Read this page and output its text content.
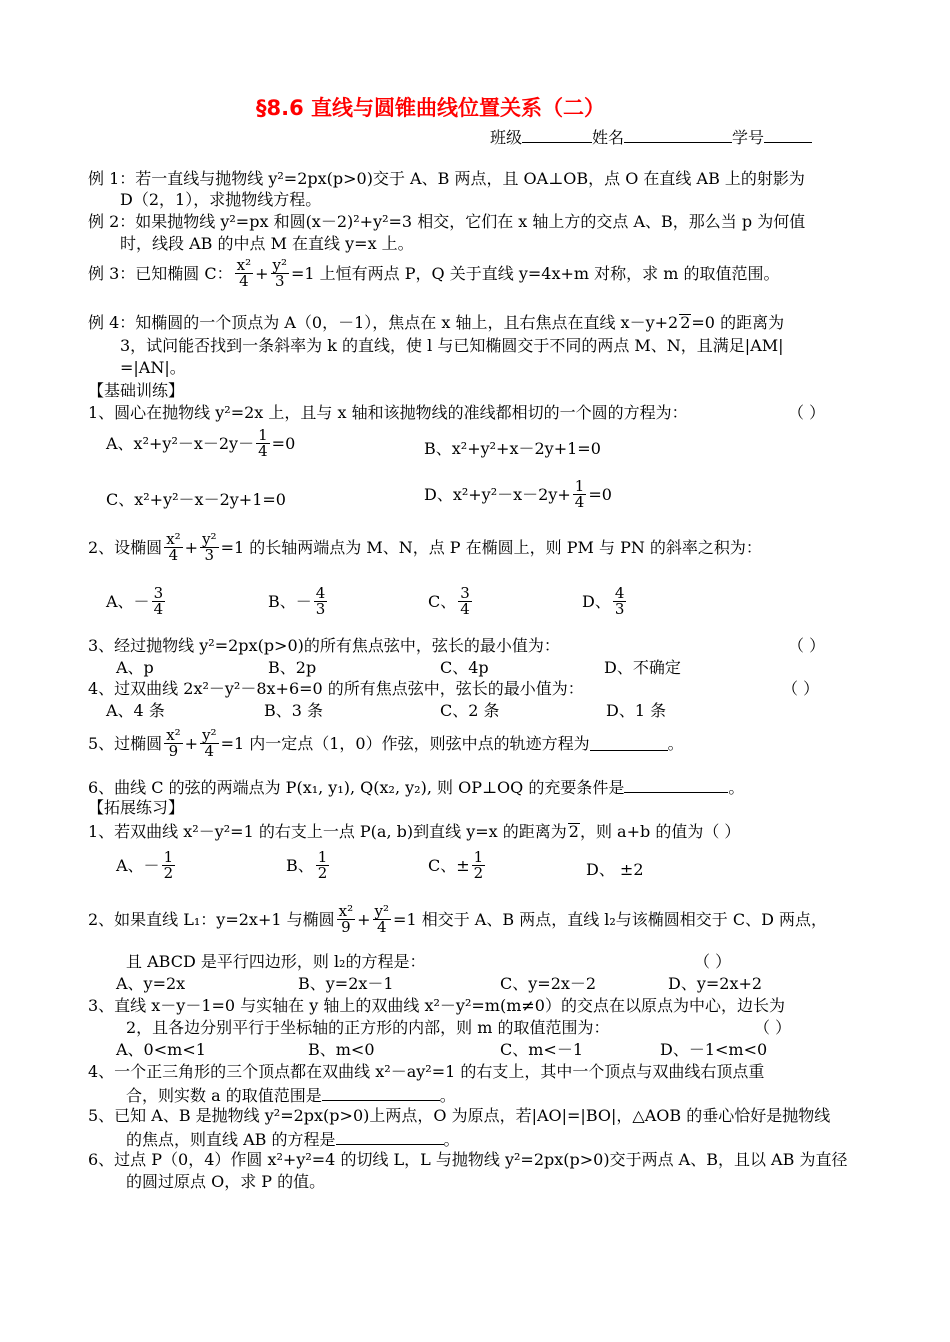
§8.6 直线与圆锥曲线位置关系（二）
班级	姓名	学号
例 1：若一直线与抛物线 y²=2px(p>0)交于 A、B 两点，且 OA⊥OB，点 O 在直线 AB 上的射影为
D（2，1），求抛物线方程。
例 2：如果抛物线 y²=px 和圆(x－2)²+y²=3 相交，它们在 x 轴上方的交点 A、B，那么当 p 为何值
时，线段 AB 的中点 M 在直线 y=x 上。
例 3：已知椭圆 C： $\frac{\text{x²}}{4} + \frac{\text{y²}}{3} =1$ 上恒有两点 P，Q 关于直线 y=4x+m 对称，求 m 的取值范围。
例 4：知椭圆的一个顶点为 A（0，－1），焦点在 x 轴上，且右焦点在直线 x－y+2 2=0 的距离为
3，试问能否找到一条斜率为 k 的直线，使 l 与已知椭圆交于不同的两点 M、N，且满足|AM|
=|AN|。
【基础训练】
1、圆心在抛物线 y²=2x 上，且与 x 轴和该抛物线的准线都相切的一个圆的方程为：	（ ）
A、$x^2+y^2-x-2y- \frac{1}{4} =0$	B、x²+y²+x－2y+1=0
C、x²+y²－x－2y+1=0	D、$x^2+y^2-x-2y+ \frac{1}{4} =0$
2、设椭圆 $\frac{\text{x²}}{4} + \frac{\text{y²}}{3} =1$ 的长轴两端点为 M、N，点 P 在椭圆上，则 PM 与 PN 的斜率之积为：
A、－ $\frac{3}{4}$	B、－ $\frac{4}{3}$	C、 $\frac{3}{4}$	D、 $\frac{4}{3}$
3、经过抛物线 y²=2px(p>0)的所有焦点弦中，弦长的最小值为：	（ ）
A、p	B、2p	C、4p	D、不确定
4、过双曲线 2x²－y²－8x+6=0 的所有焦点弦中，弦长的最小值为：	（ ）
A、4 条	B、3 条	C、2 条	D、1 条
5、过椭圆 $\frac{\text{x²}}{9} + \frac{\text{y²}}{4} =1$ 内一定点（1，0）作弦，则弦中点的轨迹方程为	。
6、曲线 C 的弦的两端点为 P(x₁, y₁), Q(x₂, y₂), 则 OP⊥OQ 的充要条件是	。
【拓展练习】
1、若双曲线 x²－y²=1 的右支上一点 P(a, b)到直线 y=x 的距离为 2，则 a+b 的值为（ ）
A、－ $\frac{1}{2}$	B、 $\frac{1}{2}$	C、± $\frac{1}{2}$	D、 ±2
2、如果直线 L₁：y=2x+1 与椭圆 $\frac{\text{x²}}{9} + \frac{\text{y²}}{4} =1$ 相交于 A、B 两点，直线 l₂与该椭圆相交于 C、D 两点，
且 ABCD 是平行四边形，则 l₂的方程是：	（ ）
A、y=2x	B、y=2x－1	C、y=2x－2	D、y=2x+2
3、直线 x－y－1=0 与实轴在 y 轴上的双曲线 x²－y²=m(m≠0）的交点在以原点为中心，边长为
2，且各边分别平行于坐标轴的正方形的内部，则 m 的取值范围为：	（ ）
A、0<m<1	B、m<0	C、m<－1	D、－1<m<0
4、一个正三角形的三个顶点都在双曲线 x²－ay²=1 的右支上，其中一个顶点与双曲线右顶点重
合，则实数 a 的取值范围是	。
5、已知 A、B 是抛物线 y²=2px(p>0)上两点，O 为原点，若|AO|=|BO|，△AOB 的垂心恰好是抛物线
的焦点，则直线 AB 的方程是	。
6、过点 P（0，4）作圆 x²+y²=4 的切线 L，L 与抛物线 y²=2px(p>0)交于两点 A、B，且以 AB 为直径
的圆过原点 O，求 P 的值。
